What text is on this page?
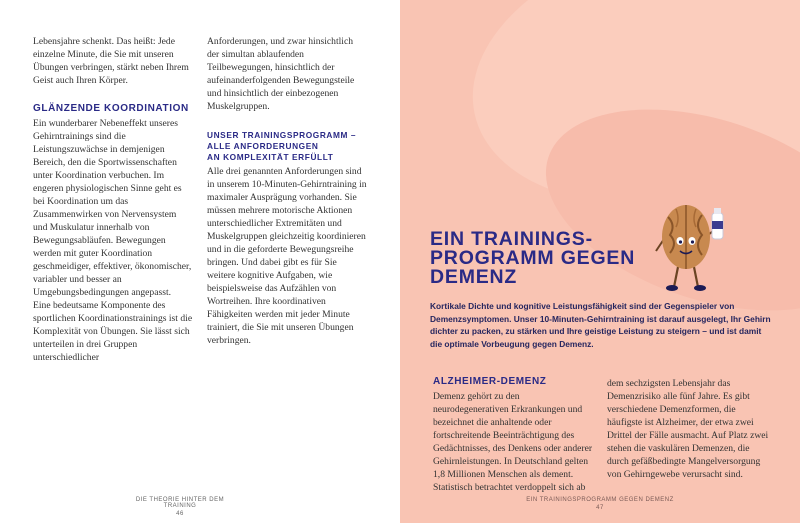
Lebensjahre schenkt. Das heißt: Jede einzelne Minute, die Sie mit unseren Übungen verbringen, stärkt neben Ihrem Geist auch Ihren Körper.

GLÄNZENDE KOORDINATION

Ein wunderbarer Nebeneffekt unseres Gehirntrainings sind die Leistungszuwächse in demjenigen Bereich, den die Sportwissenschaften unter Koordination verbuchen. Im engeren physiologischen Sinne geht es bei Koordination um das Zusammenwirken von Nervensystem und Muskulatur innerhalb von Bewegungsabläufen. Bewegungen werden mit guter Koordination geschmeidiger, effektiver, ökonomischer, variabler und besser an Umgebungsbedingungen angepasst.

Eine bedeutsame Komponente des sportlichen Koordinationstrainings ist die Komplexität von Übungen. Sie lässt sich unterteilen in drei Gruppen unterschiedlicher

Anforderungen, und zwar hinsichtlich der simultan ablaufenden Teilbewegungen, hinsichtlich der aufeinanderfolgenden Bewegungsteile und hinsichtlich der einbezogenen Muskelgruppen.

UNSER TRAININGSPROGRAMM –
ALLE ANFORDERUNGEN
AN KOMPLEXITÄT ERFÜLLT

Alle drei genannten Anforderungen sind in unserem 10-Minuten-Gehirntraining in maximaler Ausprägung vorhanden. Sie müssen mehrere motorische Aktionen unterschiedlicher Extremitäten und Muskelgruppen gleichzeitig koordinieren und in die geforderte Bewegungsreihe bringen. Und dabei gibt es für Sie weitere kognitive Aufgaben, wie beispielsweise das Aufzählen von Wortreihen. Ihre koordinativen Fähigkeiten werden mit jeder Minute trainiert, die Sie mit unseren Übungen verbringen.

DIE THEORIE HINTER DEM TRAINING
46
EIN TRAININGS-
PROGRAMM GEGEN
DEMENZ
Kortikale Dichte und kognitive Leistungsfähigkeit sind der Gegenspieler von Demenzsymptomen. Unser 10-Minuten-Gehirntraining ist darauf ausgelegt, Ihr Gehirn dichter zu packen, zu stärken und Ihre geistige Leistung zu steigern – und ist damit die optimale Vorbeugung gegen Demenz.
ALZHEIMER-DEMENZ

Demenz gehört zu den neurodegenerativen Erkrankungen und bezeichnet die anhaltende oder fortschreitende Beeinträchtigung des Gedächtnisses, des Denkens oder anderer Gehirnleistungen. In Deutschland gelten 1,8 Millionen Menschen als dement. Statistisch betrachtet verdoppelt sich ab

dem sechzigsten Lebensjahr das Demenzrisiko alle fünf Jahre. Es gibt verschiedene Demenzformen, die häufigste ist Alzheimer, der etwa zwei Drittel der Fälle ausmacht. Auf Platz zwei stehen die vaskulären Demenzen, die durch gefäßbedingte Mangelversorgung von Gehirngewebe verursacht sind.

EIN TRAININGSPROGRAMM GEGEN DEMENZ
47
